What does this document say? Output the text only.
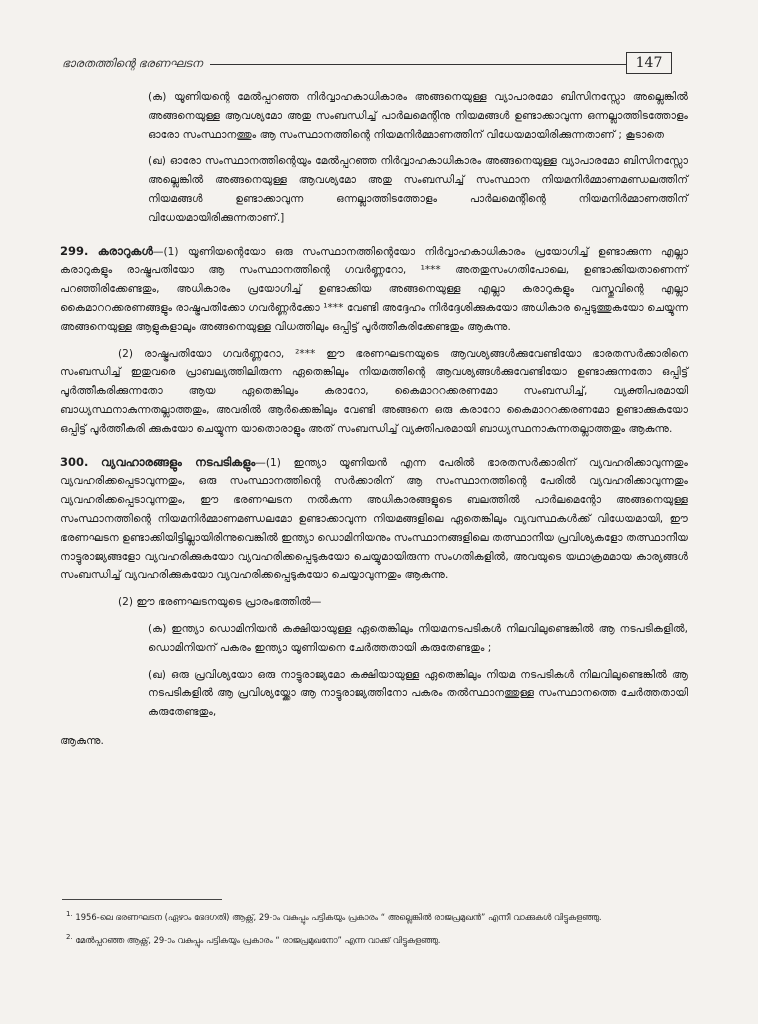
ഭാരതത്തിന്റെ ഭരണഘടന	147

(ക) യൂണിയന്റെ മേൽപ്പറഞ്ഞ നിർവ്വാഹകാധികാരം അങ്ങനെയുള്ള വ്യാപാരമോ ബിസിനസ്സോ അല്ലെങ്കിൽ അങ്ങനെയുള്ള ആവശ്യമോ അതു സംബന്ധിച്ച് പാർലമെന്റിനു നിയമങ്ങൾ ഉണ്ടാക്കാവുന്ന ഒന്നല്ലാത്തിടത്തോളം ഓരോ സംസ്ഥാനത്തും ആ സംസ്ഥാനത്തിന്റെ നിയമനിർമ്മാണത്തിന് വിധേയമായിരിക്കുന്നതാണ് ; കൂടാതെ

(ഖ) ഓരോ സംസ്ഥാനത്തിന്റെയും മേൽപ്പറഞ്ഞ നിർവ്വാഹകാധികാരം അങ്ങനെയുള്ള വ്യാപാരമോ ബിസിനസ്സോ അല്ലെങ്കിൽ അങ്ങനെയുള്ള ആവശ്യമോ അതു സംബന്ധിച്ച് സംസ്ഥാന നിയമനിർമ്മാണമണ്ഡലത്തിന് നിയമങ്ങൾ ഉണ്ടാക്കാവുന്ന ഒന്നല്ലാത്തിടത്തോളം പാർലമെന്റിന്റെ നിയമനിർമ്മാണത്തിന് വിധേയമായിരിക്കുന്നതാണ്.]

299. കരാറുകൾ—(1) യൂണിയന്റെയോ ഒരു സംസ്ഥാനത്തിന്റെയോ നിർവ്വാഹകാധികാരം പ്രയോഗിച്ച് ഉണ്ടാക്കുന്ന എല്ലാ കരാറുകളും രാഷ്ട്രപതിയോ ആ സംസ്ഥാനത്തിന്റെ ഗവർണ്ണറോ, ¹*** അതതുസംഗതിപോലെ, ഉണ്ടാക്കിയതാണെന്ന് പറഞ്ഞിരിക്കേണ്ടതും, അധികാരം പ്രയോഗിച്ച് ഉണ്ടാക്കിയ അങ്ങനെയുള്ള എല്ലാ കരാറുകളും വസ്തുവിന്റെ എല്ലാ കൈമാററക്കരണങ്ങളും രാഷ്ട്രപതിക്കോ ഗവർണ്ണർക്കോ ¹*** വേണ്ടി അദ്ദേഹം നിർദ്ദേശിക്കുകയോ അധികാര പ്പെടുത്തുകയോ ചെയ്യുന്ന അങ്ങനെയുള്ള ആളുകളാലും അങ്ങനെയുള്ള വിധത്തിലും ഒപ്പിട്ട് പൂർത്തീകരിക്കേണ്ടതും ആകുന്നു.

(2) രാഷ്ട്രപതിയോ ഗവർണ്ണറോ, ²*** ഈ ഭരണഘടനയുടെ ആവശ്യങ്ങൾക്കുവേണ്ടിയോ ഭാരതസർക്കാരിനെ സംബന്ധിച്ച് ഇതുവരെ പ്രാബല്യത്തിലിരുന്ന ഏതെങ്കിലും നിയമത്തിന്റെ ആവശ്യങ്ങൾക്കുവേണ്ടിയോ ഉണ്ടാക്കുന്നതോ ഒപ്പിട്ട് പൂർത്തീകരിക്കുന്നതോ ആയ ഏതെങ്കിലും കരാറോ, കൈമാററക്കരണമോ സംബന്ധിച്ച്, വ്യക്തിപരമായി ബാധ്യസ്ഥനാകുന്നതല്ലാത്തതും, അവരിൽ ആർക്കെങ്കിലും വേണ്ടി അങ്ങനെ ഒരു കരാറോ കൈമാററക്കരണമോ ഉണ്ടാക്കുകയോ ഒപ്പിട്ട് പൂർത്തീകരി ക്കുകയോ ചെയ്യുന്ന യാതൊരാളും അത് സംബന്ധിച്ച് വ്യക്തിപരമായി ബാധ്യസ്ഥനാകുന്നതല്ലാത്തതും ആകുന്നു.

300. വ്യവഹാരങ്ങളും നടപടികളും—(1) ഇന്ത്യാ യൂണിയൻ എന്ന പേരിൽ ഭാരതസർക്കാരിന് വ്യവഹരിക്കാവുന്നതും വ്യവഹരിക്കപ്പെടാവുന്നതും, ഒരു സംസ്ഥാനത്തിന്റെ സർക്കാരിന് ആ സംസ്ഥാനത്തിന്റെ പേരിൽ വ്യവഹരിക്കാവുന്നതും വ്യവഹരിക്കപ്പെടാവുന്നതും, ഈ ഭരണഘടന നൽകുന്ന അധികാരങ്ങളുടെ ബലത്തിൽ പാർലമെന്റോ അങ്ങനെയുള്ള സംസ്ഥാനത്തിന്റെ നിയമനിർമ്മാണമണ്ഡലമോ ഉണ്ടാക്കാവുന്ന നിയമങ്ങളിലെ ഏതെങ്കിലും വ്യവസ്ഥകൾക്ക് വിധേയമായി, ഈ ഭരണഘടന ഉണ്ടാക്കിയിട്ടില്ലായിരിന്നുവെങ്കിൽ ഇന്ത്യാ ഡൊമിനിയനും സംസ്ഥാനങ്ങളിലെ തത്സ്ഥാനീയ പ്രവിശ്യകളോ തത്സ്ഥാനീയ നാട്ടുരാജ്യങ്ങളോ വ്യവഹരിക്കുകയോ വ്യവഹരിക്കപ്പെടുകയോ ചെയ്യുമായിരുന്ന സംഗതികളിൽ, അവയുടെ യഥാക്രമമായ കാര്യങ്ങൾ സംബന്ധിച്ച് വ്യവഹരിക്കുകയോ വ്യവഹരിക്കപ്പെടുകയോ ചെയ്യാവുന്നതും ആകുന്നു.

(2) ഈ ഭരണഘടനയുടെ പ്രാരംഭത്തിൽ—

(ക) ഇന്ത്യാ ഡൊമിനിയൻ കക്ഷിയായുള്ള ഏതെങ്കിലും നിയമനടപടികൾ നിലവിലുണ്ടെങ്കിൽ ആ നടപടികളിൽ, ഡൊമിനിയന് പകരം ഇന്ത്യാ യൂണിയനെ ചേർത്തതായി കരുതേണ്ടതും ;

(ഖ) ഒരു പ്രവിശ്യയോ ഒരു നാട്ടുരാജ്യമോ കക്ഷിയായുള്ള ഏതെങ്കിലും നിയമ നടപടികൾ നിലവിലുണ്ടെങ്കിൽ ആ നടപടികളിൽ ആ പ്രവിശ്യയ്ക്കോ ആ നാട്ടുരാജ്യത്തിനോ പകരം തൽസ്ഥാനത്തുള്ള സംസ്ഥാനത്തെ ചേർത്തതായി കരുതേണ്ടതും,

ആകുന്നു.

$^{1.}$ 1956-ലെ ഭരണഘടന (ഏഴാം ഭേദഗതി) ആക്റ്റ്, 29-ാം വകുപ്പും പട്ടികയും പ്രകാരം “ അല്ലെങ്കിൽ രാജപ്രമുഖൻ” എന്നീ വാക്കുകൾ വിട്ടുകളഞ്ഞു.

$^{2.}$ മേൽപ്പറഞ്ഞ ആക്റ്റ്, 29-ാം വകുപ്പും പട്ടികയും പ്രകാരം “ രാജപ്രമുഖനോ” എന്ന വാക്ക് വിട്ടുകളഞ്ഞു.
